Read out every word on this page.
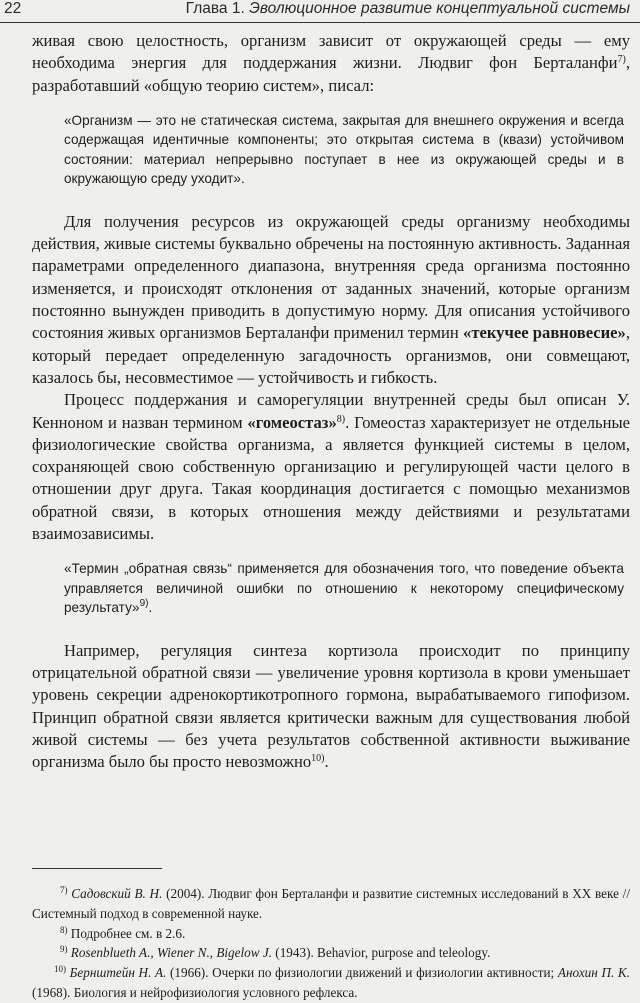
22	Глава 1. Эволюционное развитие концептуальной системы

живая свою целостность, организм зависит от окружающей среды — ему необходима энергия для поддержания жизни. Людвиг фон Берталанфи$^{7)}$, разработавший «общую теорию систем», писал:

«Организм — это не статическая система, закрытая для внешнего окружения и всегда содержащая идентичные компоненты; это открытая система в (квази) устойчивом состоянии: материал непрерывно поступает в нее из окружающей среды и в окружающую среду уходит».

Для получения ресурсов из окружающей среды организму необходимы действия, живые системы буквально обречены на постоянную активность. Заданная параметрами определенного диапазона, внутренняя среда организма постоянно изменяется, и происходят отклонения от заданных значений, которые организм постоянно вынужден приводить в допустимую норму. Для описания устойчивого состояния живых организмов Берталанфи применил термин «текучее равновесие», который передает определенную загадочность организмов, они совмещают, казалось бы, несовместимое — устойчивость и гибкость.

Процесс поддержания и саморегуляции внутренней среды был описан У. Кенноном и назван термином «гомеостаз»$^{8)}$. Гомеостаз характеризует не отдельные физиологические свойства организма, а является функцией системы в целом, сохраняющей свою собственную организацию и регулирующей части целого в отношении друг друга. Такая координация достигается с помощью механизмов обратной связи, в которых отношения между действиями и результатами взаимозависимы.

«Термин „обратная связь“ применяется для обозначения того, что поведение объекта управляется величиной ошибки по отношению к некоторому специфическому результату»$^{9)}$.

Например, регуляция синтеза кортизола происходит по принципу отрицательной обратной связи — увеличение уровня кортизола в крови уменьшает уровень секреции адренокортикотропного гормона, вырабатываемого гипофизом. Принцип обратной связи является критически важным для существования любой живой системы — без учета результатов собственной активности выживание организма было бы просто невозможно$^{10)}$.

$^{7)}$ Садовский В. Н. (2004). Людвиг фон Берталанфи и развитие системных исследований в XX веке // Системный подход в современной науке.

$^{8)}$ Подробнее см. в 2.6.

$^{9)}$ Rosenblueth A., Wiener N., Bigelow J. (1943). Behavior, purpose and teleology.

$^{10)}$ Бернштейн Н. А. (1966). Очерки по физиологии движений и физиологии активности; Анохин П. К. (1968). Биология и нейрофизиология условного рефлекса.
